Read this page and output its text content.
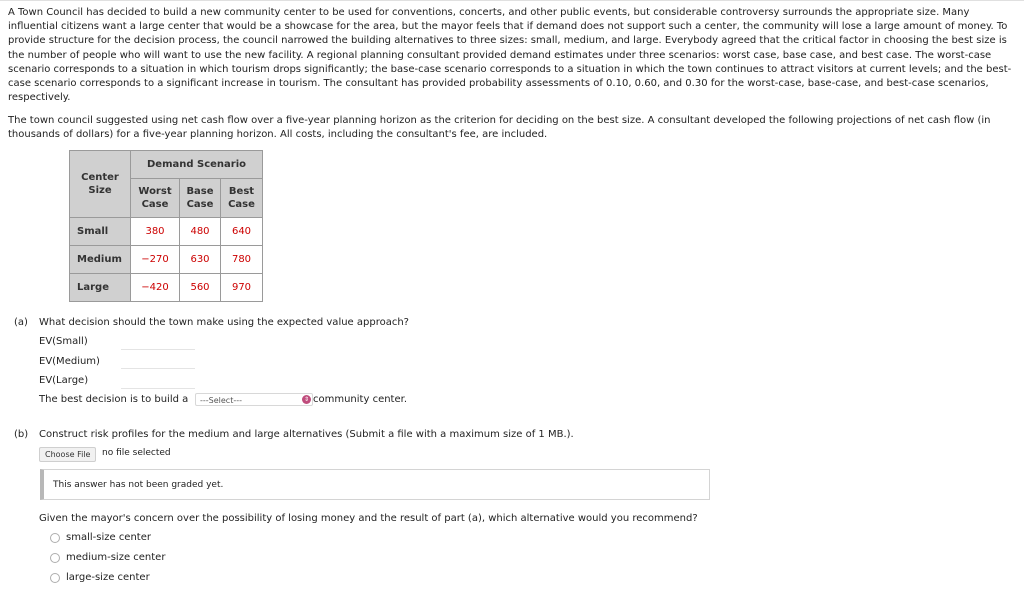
A Town Council has decided to build a new community center to be used for conventions, concerts, and other public events, but considerable controversy surrounds the appropriate size. Many influential citizens want a large center that would be a showcase for the area, but the mayor feels that if demand does not support such a center, the community will lose a large amount of money. To provide structure for the decision process, the council narrowed the building alternatives to three sizes: small, medium, and large. Everybody agreed that the critical factor in choosing the best size is the number of people who will want to use the new facility. A regional planning consultant provided demand estimates under three scenarios: worst case, base case, and best case. The worst-case scenario corresponds to a situation in which tourism drops significantly; the base-case scenario corresponds to a situation in which the town continues to attract visitors at current levels; and the best-case scenario corresponds to a significant increase in tourism. The consultant has provided probability assessments of 0.10, 0.60, and 0.30 for the worst-case, base-case, and best-case scenarios, respectively.

The town council suggested using net cash flow over a five-year planning horizon as the criterion for deciding on the best size. A consultant developed the following projections of net cash flow (in thousands of dollars) for a five-year planning horizon. All costs, including the consultant's fee, are included.

Center Size	Demand Scenario		
	Worst Case	Base Case	Best Case
Small	380	480	640
Medium	−270	630	780
Large	−420	560	970

(a) What decision should the town make using the expected value approach?

EV(Small)

EV(Medium)

EV(Large)

The best decision is to build a	---Select---	⇕ community center.

(b) Construct risk profiles for the medium and large alternatives (Submit a file with a maximum size of 1 MB.).

Choose File	no file selected
This answer has not been graded yet.

Given the mayor's concern over the possibility of losing money and the result of part (a), which alternative would you recommend?

small-size center
medium-size center
large-size center
